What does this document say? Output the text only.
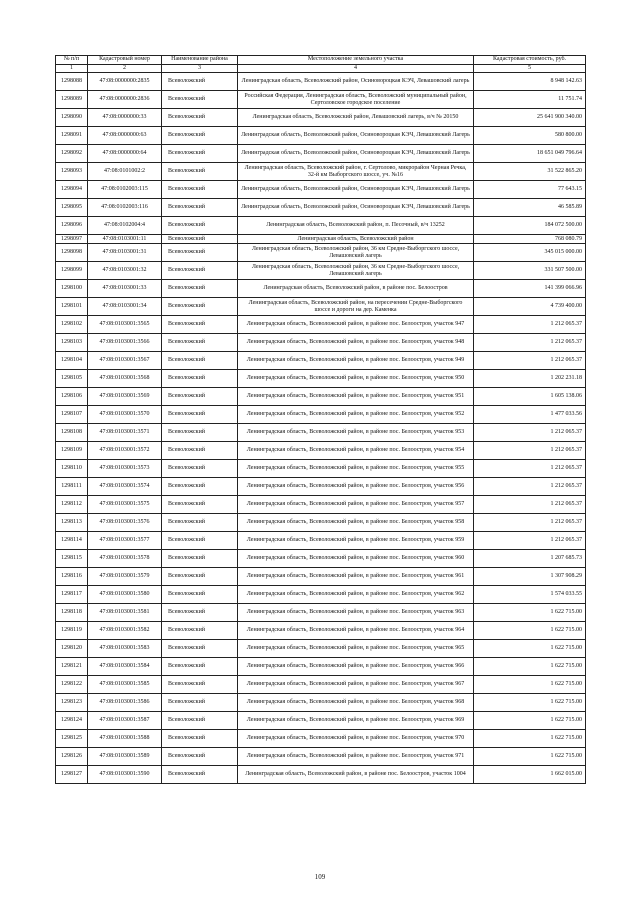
№ п/п	Кадастровый номер	Наименование района	Местоположение земельного участка	Кадастровая стоимость, руб.
1	2	3	4	5
1298088	47:08:0000000:2835	Всеволожский	Ленинградская область, Всеволожский район, Осиновороцкая КЭЧ, Левашовский лагерь	8 948 142.63
1298089	47:08:0000000:2836	Всеволожский	Российская Федерация, Ленинградская область, Всеволожский муниципальный район, Сертоловское городское поселение	11 751.74
1298090	47:08:0000000:33	Всеволожский	Ленинградская область, Всеволожский район, Левашовский лагерь, в/ч № 20150	25 641 900 340.00
1298091	47:08:0000000:63	Всеволожский	Ленинградская область, Всеволожский район, Осиновороцкая КЭЧ, Левашовский Лагерь	580 800.00
1298092	47:08:0000000:64	Всеволожский	Ленинградская область, Всеволожский район, Осиновороцкая КЭЧ, Левашовский Лагерь	18 651 049 796.64
1298093	47:08:0101002:2	Всеволожский	Ленинградская область, Всеволожский район, г. Сертолово, микрорайон Черная Речка, 32-й км Выборгского шоссе, уч. №16	31 522 865.20
1298094	47:08:0102003:115	Всеволожский	Ленинградская область, Всеволожский район, Осиновороцкая КЭЧ, Левашовский Лагерь	77 643.15
1298095	47:08:0102003:116	Всеволожский	Ленинградская область, Всеволожский район, Осиновороцкая КЭЧ, Левашовский Лагерь	46 585.89
1298096	47:08:0102004:4	Всеволожский	Ленинградская область, Всеволожский район, п. Песочный, в/ч 13252	184 072 500.00
1298097	47:08:0103001:11	Всеволожский	Ленинградская область, Всеволожский район	768 080.79
1298098	47:08:0103001:31	Всеволожский	Ленинградская область, Всеволожский район, 36 км Средне-Выборгского шоссе, Левашовский лагерь	345 015 000.00
1298099	47:08:0103001:32	Всеволожский	Ленинградская область, Всеволожский район, 36 км Средне-Выборгского шоссе, Левашовский лагерь	331 507 500.00
1298100	47:08:0103001:33	Всеволожский	Ленинградская область, Всеволожский район, в районе пос. Белоостров	141 399 066.96
1298101	47:08:0103001:34	Всеволожский	Ленинградская область, Всеволожский район, на пересечении Средне-Выборгского шоссе и дороги на дер. Каменка	4 739 400.00
1298102	47:08:0103001:3565	Всеволожский	Ленинградская область, Всеволожский район, в районе пос. Белоостров, участок 947	1 212 065.37
1298103	47:08:0103001:3566	Всеволожский	Ленинградская область, Всеволожский район, в районе пос. Белоостров, участок 948	1 212 065.37
1298104	47:08:0103001:3567	Всеволожский	Ленинградская область, Всеволожский район, в районе пос. Белоостров, участок 949	1 212 065.37
1298105	47:08:0103001:3568	Всеволожский	Ленинградская область, Всеволожский район, в районе пос. Белоостров, участок 950	1 202 231.18
1298106	47:08:0103001:3569	Всеволожский	Ленинградская область, Всеволожский район, в районе пос. Белоостров, участок 951	1 605 138.06
1298107	47:08:0103001:3570	Всеволожский	Ленинградская область, Всеволожский район, в районе пос. Белоостров, участок 952	1 477 033.56
1298108	47:08:0103001:3571	Всеволожский	Ленинградская область, Всеволожский район, в районе пос. Белоостров, участок 953	1 212 065.37
1298109	47:08:0103001:3572	Всеволожский	Ленинградская область, Всеволожский район, в районе пос. Белоостров, участок 954	1 212 065.37
1298110	47:08:0103001:3573	Всеволожский	Ленинградская область, Всеволожский район, в районе пос. Белоостров, участок 955	1 212 065.37
1298111	47:08:0103001:3574	Всеволожский	Ленинградская область, Всеволожский район, в районе пос. Белоостров, участок 956	1 212 065.37
1298112	47:08:0103001:3575	Всеволожский	Ленинградская область, Всеволожский район, в районе пос. Белоостров, участок 957	1 212 065.37
1298113	47:08:0103001:3576	Всеволожский	Ленинградская область, Всеволожский район, в районе пос. Белоостров, участок 958	1 212 065.37
1298114	47:08:0103001:3577	Всеволожский	Ленинградская область, Всеволожский район, в районе пос. Белоостров, участок 959	1 212 065.37
1298115	47:08:0103001:3578	Всеволожский	Ленинградская область, Всеволожский район, в районе пос. Белоостров, участок 960	1 207 685.73
1298116	47:08:0103001:3579	Всеволожский	Ленинградская область, Всеволожский район, в районе пос. Белоостров, участок 961	1 307 908.29
1298117	47:08:0103001:3580	Всеволожский	Ленинградская область, Всеволожский район, в районе пос. Белоостров, участок 962	1 574 033.55
1298118	47:08:0103001:3581	Всеволожский	Ленинградская область, Всеволожский район, в районе пос. Белоостров, участок 963	1 622 715.00
1298119	47:08:0103001:3582	Всеволожский	Ленинградская область, Всеволожский район, в районе пос. Белоостров, участок 964	1 622 715.00
1298120	47:08:0103001:3583	Всеволожский	Ленинградская область, Всеволожский район, в районе пос. Белоостров, участок 965	1 622 715.00
1298121	47:08:0103001:3584	Всеволожский	Ленинградская область, Всеволожский район, в районе пос. Белоостров, участок 966	1 622 715.00
1298122	47:08:0103001:3585	Всеволожский	Ленинградская область, Всеволожский район, в районе пос. Белоостров, участок 967	1 622 715.00
1298123	47:08:0103001:3586	Всеволожский	Ленинградская область, Всеволожский район, в районе пос. Белоостров, участок 968	1 622 715.00
1298124	47:08:0103001:3587	Всеволожский	Ленинградская область, Всеволожский район, в районе пос. Белоостров, участок 969	1 622 715.00
1298125	47:08:0103001:3588	Всеволожский	Ленинградская область, Всеволожский район, в районе пос. Белоостров, участок 970	1 622 715.00
1298126	47:08:0103001:3589	Всеволожский	Ленинградская область, Всеволожский район, в районе пос. Белоостров, участок 971	1 622 715.00
1298127	47:08:0103001:3590	Всеволожский	Ленинградская область, Всеволожский район, в районе пос. Белоостров, участок 1004	1 662 015.00
109
